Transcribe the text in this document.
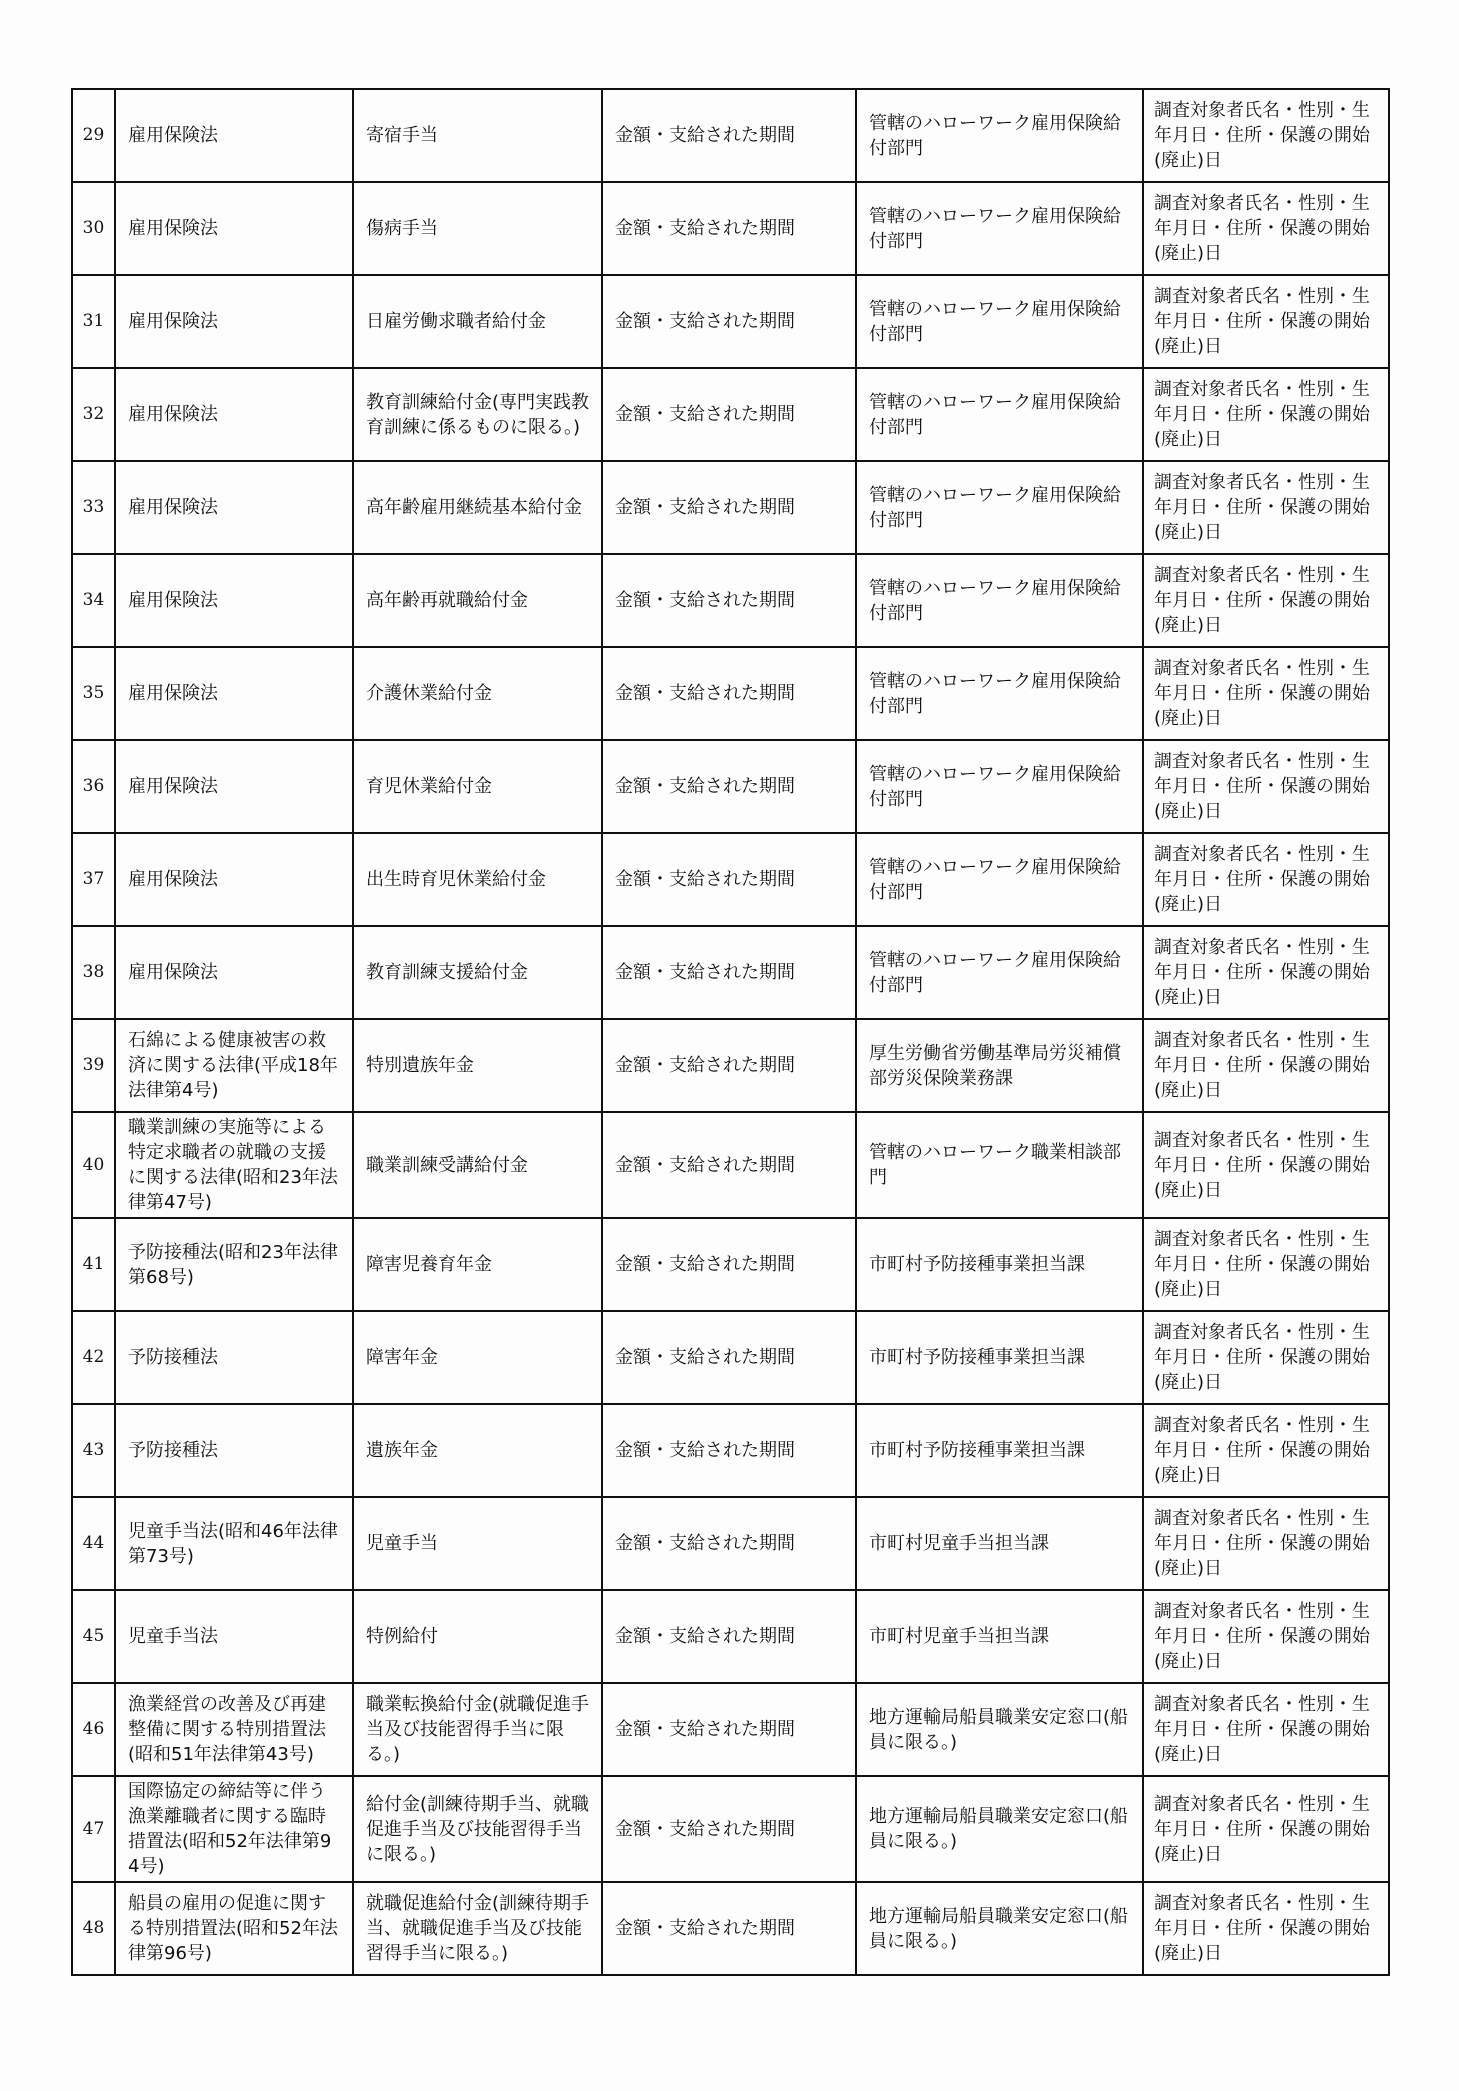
29	雇用保険法	寄宿手当	金額・支給された期間	管轄のハローワーク雇用保険給付部門	調査対象者氏名・性別・生年月日・住所・保護の開始(廃止)日
30	雇用保険法	傷病手当	金額・支給された期間	管轄のハローワーク雇用保険給付部門	調査対象者氏名・性別・生年月日・住所・保護の開始(廃止)日
31	雇用保険法	日雇労働求職者給付金	金額・支給された期間	管轄のハローワーク雇用保険給付部門	調査対象者氏名・性別・生年月日・住所・保護の開始(廃止)日
32	雇用保険法	教育訓練給付金(専門実践教育訓練に係るものに限る。)	金額・支給された期間	管轄のハローワーク雇用保険給付部門	調査対象者氏名・性別・生年月日・住所・保護の開始(廃止)日
33	雇用保険法	高年齢雇用継続基本給付金	金額・支給された期間	管轄のハローワーク雇用保険給付部門	調査対象者氏名・性別・生年月日・住所・保護の開始(廃止)日
34	雇用保険法	高年齢再就職給付金	金額・支給された期間	管轄のハローワーク雇用保険給付部門	調査対象者氏名・性別・生年月日・住所・保護の開始(廃止)日
35	雇用保険法	介護休業給付金	金額・支給された期間	管轄のハローワーク雇用保険給付部門	調査対象者氏名・性別・生年月日・住所・保護の開始(廃止)日
36	雇用保険法	育児休業給付金	金額・支給された期間	管轄のハローワーク雇用保険給付部門	調査対象者氏名・性別・生年月日・住所・保護の開始(廃止)日
37	雇用保険法	出生時育児休業給付金	金額・支給された期間	管轄のハローワーク雇用保険給付部門	調査対象者氏名・性別・生年月日・住所・保護の開始(廃止)日
38	雇用保険法	教育訓練支援給付金	金額・支給された期間	管轄のハローワーク雇用保険給付部門	調査対象者氏名・性別・生年月日・住所・保護の開始(廃止)日
39	石綿による健康被害の救済に関する法律(平成18年法律第4号)	特別遺族年金	金額・支給された期間	厚生労働省労働基準局労災補償部労災保険業務課	調査対象者氏名・性別・生年月日・住所・保護の開始(廃止)日
40	職業訓練の実施等による特定求職者の就職の支援に関する法律(昭和23年法律第47号)	職業訓練受講給付金	金額・支給された期間	管轄のハローワーク職業相談部門	調査対象者氏名・性別・生年月日・住所・保護の開始(廃止)日
41	予防接種法(昭和23年法律第68号)	障害児養育年金	金額・支給された期間	市町村予防接種事業担当課	調査対象者氏名・性別・生年月日・住所・保護の開始(廃止)日
42	予防接種法	障害年金	金額・支給された期間	市町村予防接種事業担当課	調査対象者氏名・性別・生年月日・住所・保護の開始(廃止)日
43	予防接種法	遺族年金	金額・支給された期間	市町村予防接種事業担当課	調査対象者氏名・性別・生年月日・住所・保護の開始(廃止)日
44	児童手当法(昭和46年法律第73号)	児童手当	金額・支給された期間	市町村児童手当担当課	調査対象者氏名・性別・生年月日・住所・保護の開始(廃止)日
45	児童手当法	特例給付	金額・支給された期間	市町村児童手当担当課	調査対象者氏名・性別・生年月日・住所・保護の開始(廃止)日
46	漁業経営の改善及び再建整備に関する特別措置法(昭和51年法律第43号)	職業転換給付金(就職促進手当及び技能習得手当に限る。)	金額・支給された期間	地方運輸局船員職業安定窓口(船員に限る。)	調査対象者氏名・性別・生年月日・住所・保護の開始(廃止)日
47	国際協定の締結等に伴う漁業離職者に関する臨時措置法(昭和52年法律第94号)	給付金(訓練待期手当、就職促進手当及び技能習得手当に限る。)	金額・支給された期間	地方運輸局船員職業安定窓口(船員に限る。)	調査対象者氏名・性別・生年月日・住所・保護の開始(廃止)日
48	船員の雇用の促進に関する特別措置法(昭和52年法律第96号)	就職促進給付金(訓練待期手当、就職促進手当及び技能習得手当に限る。)	金額・支給された期間	地方運輸局船員職業安定窓口(船員に限る。)	調査対象者氏名・性別・生年月日・住所・保護の開始(廃止)日
